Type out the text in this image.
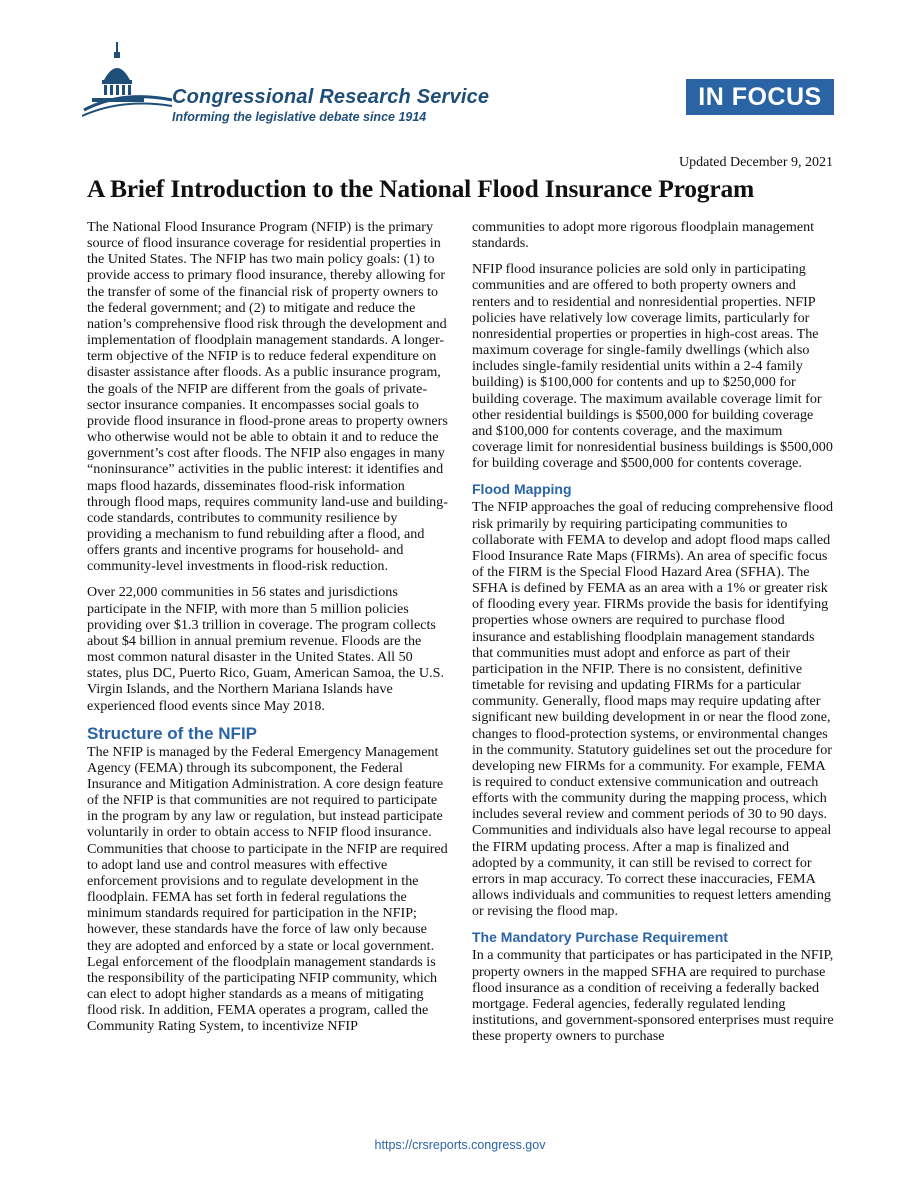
Congressional Research Service

Informing the legislative debate since 1914

IN FOCUS
Updated December 9, 2021
A Brief Introduction to the National Flood Insurance Program

The National Flood Insurance Program (NFIP) is the primary source of flood insurance coverage for residential properties in the United States. The NFIP has two main policy goals: (1) to provide access to primary flood insurance, thereby allowing for the transfer of some of the financial risk of property owners to the federal government; and (2) to mitigate and reduce the nation’s comprehensive flood risk through the development and implementation of floodplain management standards. A longer-term objective of the NFIP is to reduce federal expenditure on disaster assistance after floods. As a public insurance program, the goals of the NFIP are different from the goals of private-sector insurance companies. It encompasses social goals to provide flood insurance in flood-prone areas to property owners who otherwise would not be able to obtain it and to reduce the government’s cost after floods. The NFIP also engages in many “noninsurance” activities in the public interest: it identifies and maps flood hazards, disseminates flood-risk information through flood maps, requires community land-use and building-code standards, contributes to community resilience by providing a mechanism to fund rebuilding after a flood, and offers grants and incentive programs for household- and community-level investments in flood-risk reduction.

Over 22,000 communities in 56 states and jurisdictions participate in the NFIP, with more than 5 million policies providing over $1.3 trillion in coverage. The program collects about $4 billion in annual premium revenue. Floods are the most common natural disaster in the United States. All 50 states, plus DC, Puerto Rico, Guam, American Samoa, the U.S. Virgin Islands, and the Northern Mariana Islands have experienced flood events since May 2018.

Structure of the NFIP

The NFIP is managed by the Federal Emergency Management Agency (FEMA) through its subcomponent, the Federal Insurance and Mitigation Administration. A core design feature of the NFIP is that communities are not required to participate in the program by any law or regulation, but instead participate voluntarily in order to obtain access to NFIP flood insurance. Communities that choose to participate in the NFIP are required to adopt land use and control measures with effective enforcement provisions and to regulate development in the floodplain. FEMA has set forth in federal regulations the minimum standards required for participation in the NFIP; however, these standards have the force of law only because they are adopted and enforced by a state or local government. Legal enforcement of the floodplain management standards is the responsibility of the participating NFIP community, which can elect to adopt higher standards as a means of mitigating flood risk. In addition, FEMA operates a program, called the Community Rating System, to incentivize NFIP

communities to adopt more rigorous floodplain management standards.

NFIP flood insurance policies are sold only in participating communities and are offered to both property owners and renters and to residential and nonresidential properties. NFIP policies have relatively low coverage limits, particularly for nonresidential properties or properties in high-cost areas. The maximum coverage for single-family dwellings (which also includes single-family residential units within a 2-4 family building) is $100,000 for contents and up to $250,000 for building coverage. The maximum available coverage limit for other residential buildings is $500,000 for building coverage and $100,000 for contents coverage, and the maximum coverage limit for nonresidential business buildings is $500,000 for building coverage and $500,000 for contents coverage.

Flood Mapping

The NFIP approaches the goal of reducing comprehensive flood risk primarily by requiring participating communities to collaborate with FEMA to develop and adopt flood maps called Flood Insurance Rate Maps (FIRMs). An area of specific focus of the FIRM is the Special Flood Hazard Area (SFHA). The SFHA is defined by FEMA as an area with a 1% or greater risk of flooding every year. FIRMs provide the basis for identifying properties whose owners are required to purchase flood insurance and establishing floodplain management standards that communities must adopt and enforce as part of their participation in the NFIP. There is no consistent, definitive timetable for revising and updating FIRMs for a particular community. Generally, flood maps may require updating after significant new building development in or near the flood zone, changes to flood-protection systems, or environmental changes in the community. Statutory guidelines set out the procedure for developing new FIRMs for a community. For example, FEMA is required to conduct extensive communication and outreach efforts with the community during the mapping process, which includes several review and comment periods of 30 to 90 days. Communities and individuals also have legal recourse to appeal the FIRM updating process. After a map is finalized and adopted by a community, it can still be revised to correct for errors in map accuracy. To correct these inaccuracies, FEMA allows individuals and communities to request letters amending or revising the flood map.

The Mandatory Purchase Requirement

In a community that participates or has participated in the NFIP, property owners in the mapped SFHA are required to purchase flood insurance as a condition of receiving a federally backed mortgage. Federal agencies, federally regulated lending institutions, and government-sponsored enterprises must require these property owners to purchase

https://crsreports.congress.gov
